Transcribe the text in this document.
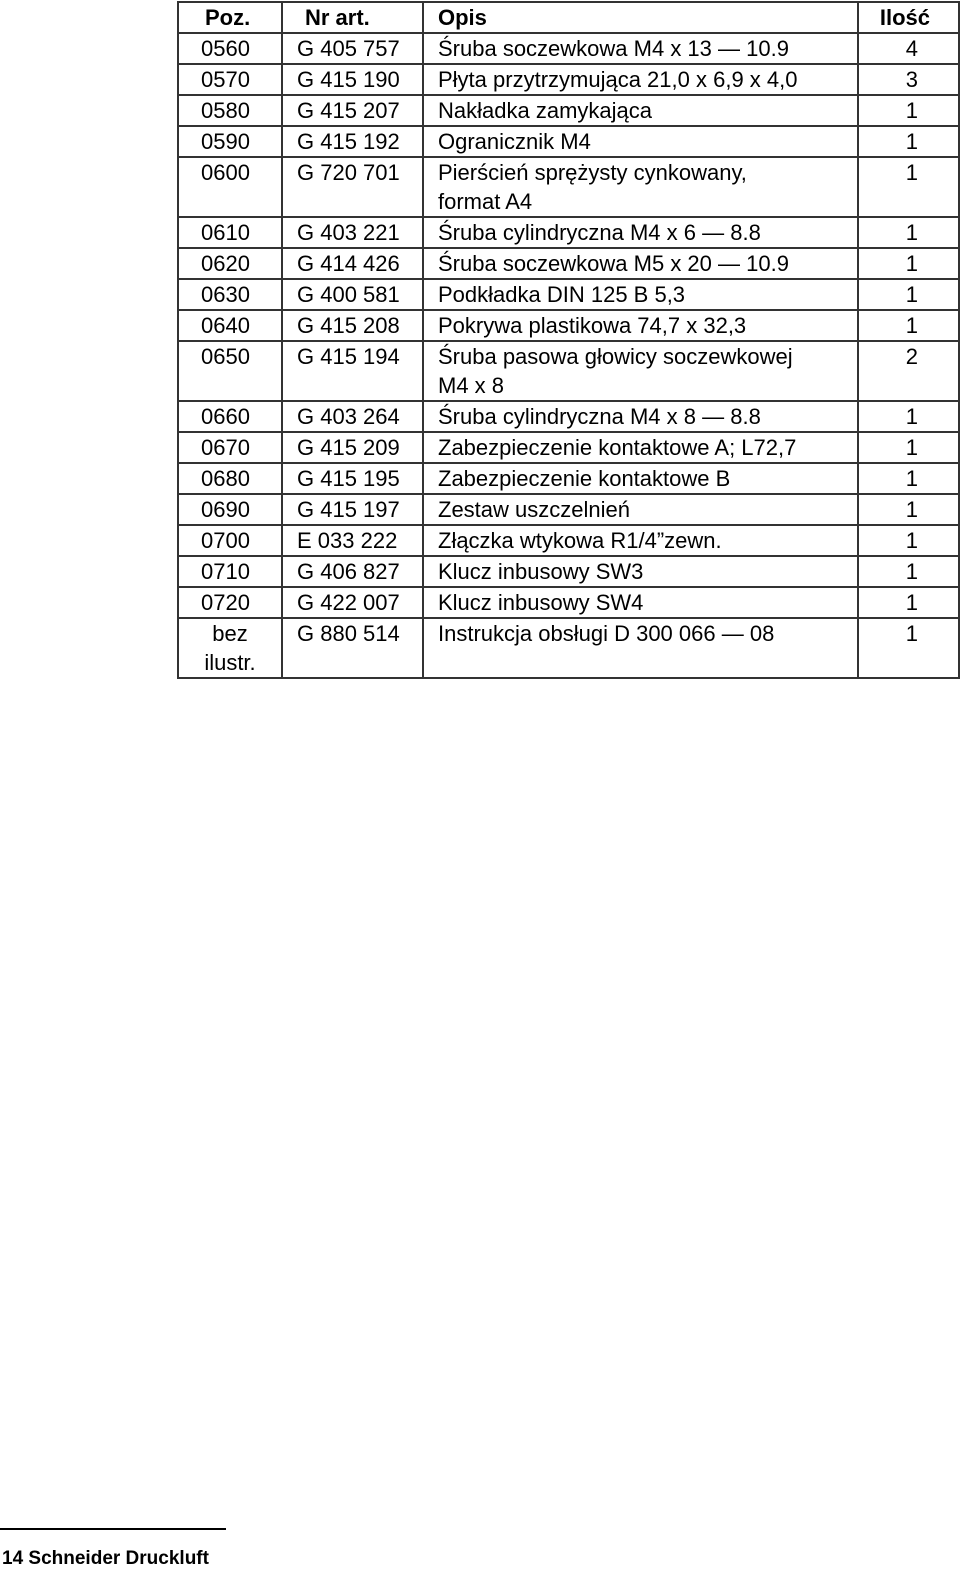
Poz.	Nr art.	Opis	Ilość

0560	G 405 757	Śruba soczewkowa M4 x 13 — 10.9	4

0570	G 415 190	Płyta przytrzymująca 21,0 x 6,9 x 4,0	3

0580	G 415 207	Nakładka zamykająca	1

0590	G 415 192	Ogranicznik M4	1

0600	G 720 701	Pierścień sprężysty cynkowany,
format A4	1

0610	G 403 221	Śruba cylindryczna M4 x 6 — 8.8	1

0620	G 414 426	Śruba soczewkowa M5 x 20 — 10.9	1

0630	G 400 581	Podkładka DIN 125 B 5,3	1

0640	G 415 208	Pokrywa plastikowa 74,7 x 32,3	1

0650	G 415 194	Śruba pasowa głowicy soczewkowej
M4 x 8	2

0660	G 403 264	Śruba cylindryczna M4 x 8 — 8.8	1

0670	G 415 209	Zabezpieczenie kontaktowe A; L72,7	1

0680	G 415 195	Zabezpieczenie kontaktowe B	1

0690	G 415 197	Zestaw uszczelnień	1

0700	E 033 222	Złączka wtykowa R1/4”zewn.	1

0710	G 406 827	Klucz inbusowy SW3	1

0720	G 422 007	Klucz inbusowy SW4	1

bez
ilustr.	G 880 514	Instrukcja obsługi D 300 066 — 08	1
14 Schneider Druckluft
